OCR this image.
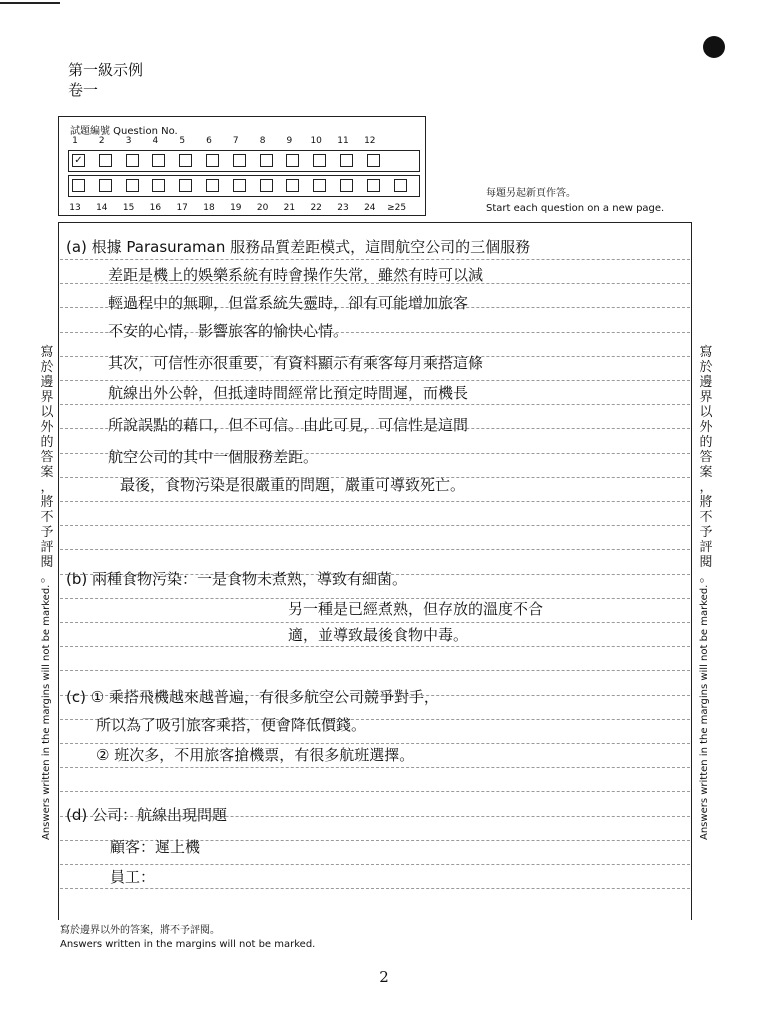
第一級示例
卷一
試題編號 Question No.
1	2	3	4	5	6	7	8	9	10	11	12
✓
13	14	15	16	17	18	19	20	21	22	23	24	≥25
每題另起新頁作答。
Start each question on a new page.
(a) 根據 Parasuraman 服務品質差距模式，這間航空公司的三個服務
差距是機上的娛樂系統有時會操作失常，雖然有時可以減
輕過程中的無聊，但當系統失靈時，卻有可能增加旅客
不安的心情，影響旅客的愉快心情。
其次，可信性亦很重要，有資料顯示有乘客每月乘搭這條
航線出外公幹，但抵達時間經常比預定時間遲，而機長
所說誤點的藉口，但不可信。由此可見，可信性是這間
航空公司的其中一個服務差距。
最後，食物污染是很嚴重的問題，嚴重可導致死亡。
(b) 兩種食物污染：一是食物未煮熟，導致有細菌。
另一種是已經煮熟，但存放的溫度不合
適，並導致最後食物中毒。
(c) ① 乘搭飛機越來越普遍，有很多航空公司競爭對手，
所以為了吸引旅客乘搭，便會降低價錢。
② 班次多，不用旅客搶機票，有很多航班選擇。
(d) 公司：航線出現問題
顧客：遲上機
員工：
寫
於
邊
界
以
外
的
答
案
，
將
不
予
評
閱
。
Answers written in the margins will not be marked.
寫
於
邊
界
以
外
的
答
案
，
將
不
予
評
閱
。
Answers written in the margins will not be marked.
寫於邊界以外的答案，將不予評閱。
Answers written in the margins will not be marked.
2
